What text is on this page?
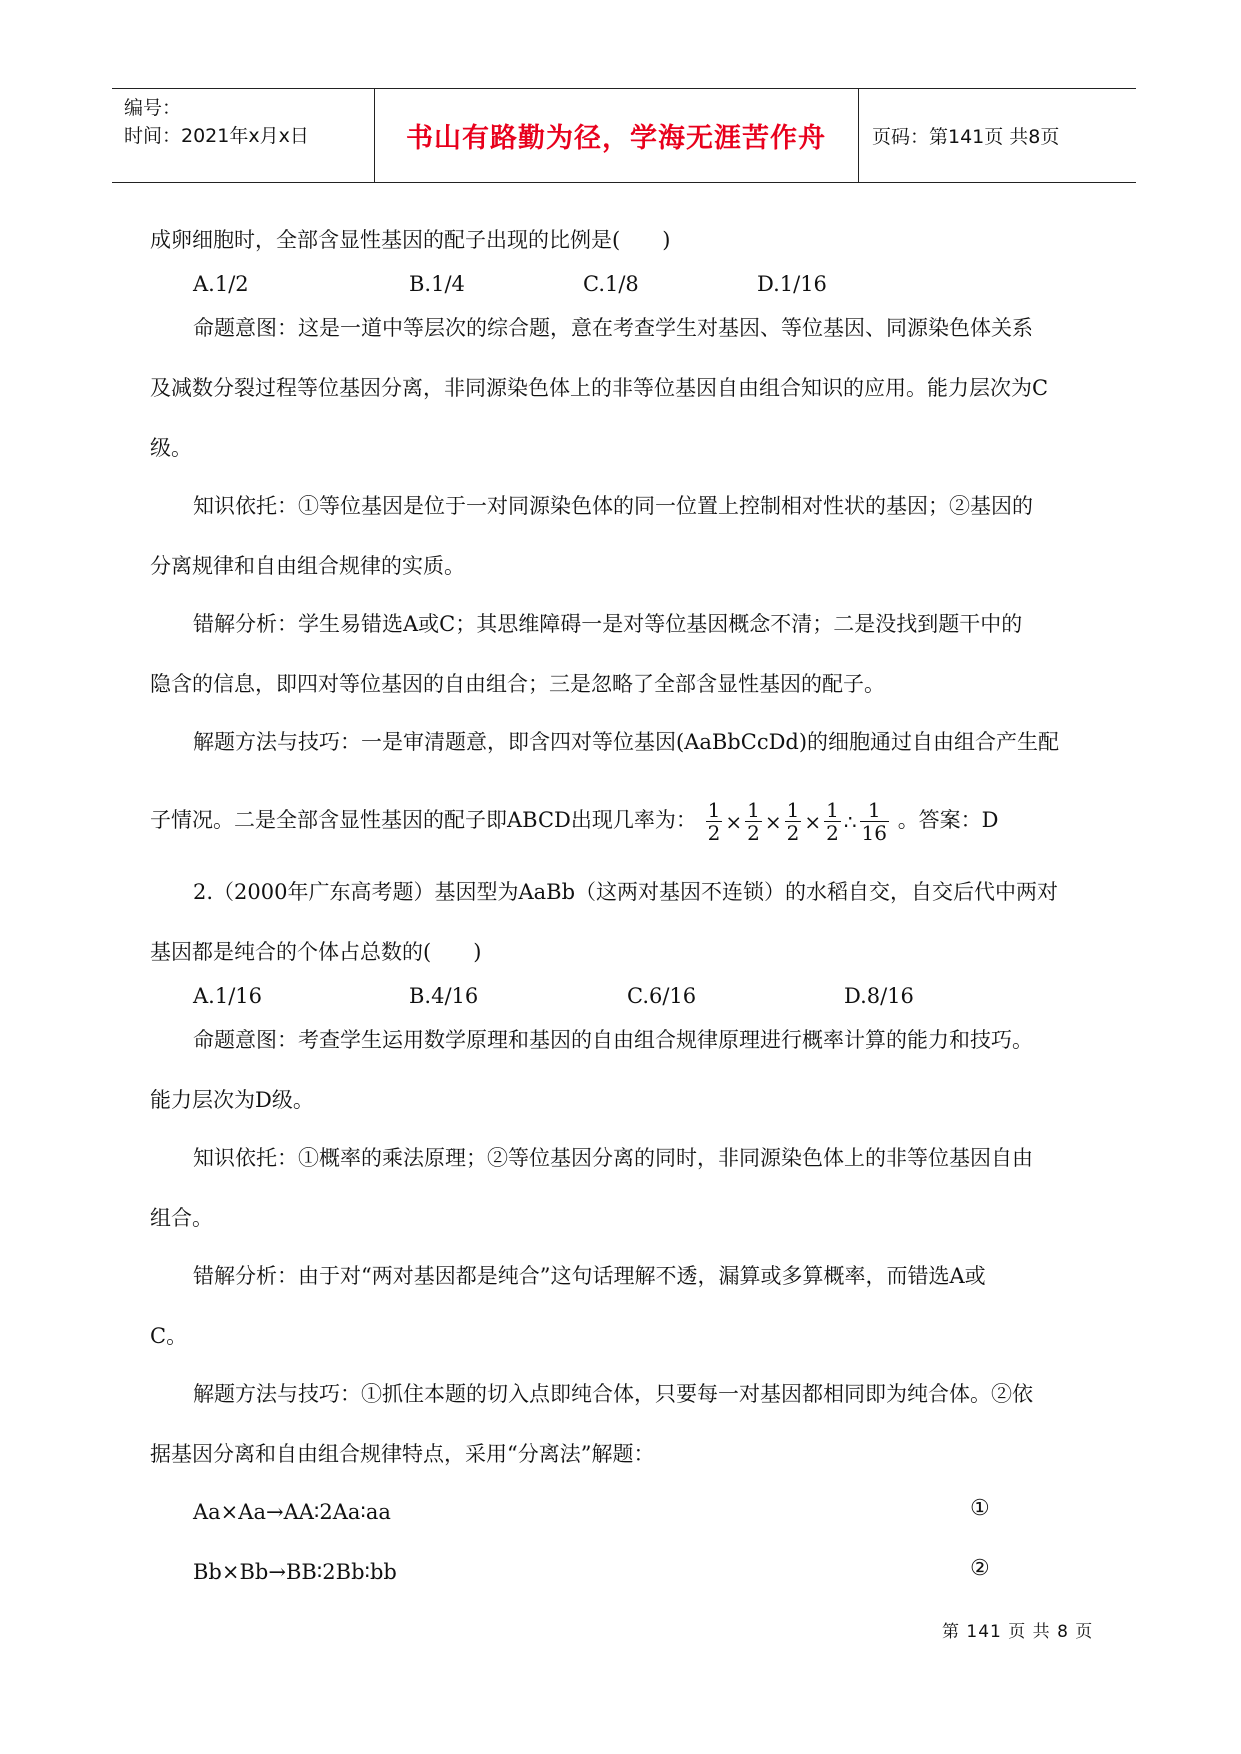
编号：
时间：2021年x月x日	书山有路勤为径，学海无涯苦作舟 页码：第141页 共8页
成卵细胞时，全部含显性基因的配子出现的比例是(　　)
A.1/2	B.1/4	C.1/8	D.1/16
命题意图：这是一道中等层次的综合题，意在考查学生对基因、等位基因、同源染色体关系
及减数分裂过程等位基因分离，非同源染色体上的非等位基因自由组合知识的应用。能力层次为C
级。
知识依托：①等位基因是位于一对同源染色体的同一位置上控制相对性状的基因；②基因的
分离规律和自由组合规律的实质。
错解分析：学生易错选A或C；其思维障碍一是对等位基因概念不清；二是没找到题干中的
隐含的信息，即四对等位基因的自由组合；三是忽略了全部含显性基因的配子。
解题方法与技巧：一是审清题意，即含四对等位基因(AaBbCcDd)的细胞通过自由组合产生配
子情况。二是全部含显性基因的配子即ABCD出现几率为： $\frac{1}{2} \times \frac{1}{2} \times \frac{1}{2} \times \frac{1}{2}$ ∴ $\frac{1}{16}$ 。答案：D
2.（2000年广东高考题）基因型为AaBb（这两对基因不连锁）的水稻自交，自交后代中两对
基因都是纯合的个体占总数的(　　)
A.1/16	B.4/16	C.6/16	D.8/16
命题意图：考查学生运用数学原理和基因的自由组合规律原理进行概率计算的能力和技巧。
能力层次为D级。
知识依托：①概率的乘法原理；②等位基因分离的同时，非同源染色体上的非等位基因自由
组合。
错解分析：由于对“两对基因都是纯合”这句话理解不透，漏算或多算概率，而错选A或
C。
解题方法与技巧：①抓住本题的切入点即纯合体，只要每一对基因都相同即为纯合体。②依
据基因分离和自由组合规律特点，采用“分离法”解题：
Aa×Aa→AA∶2Aa∶aa	①
Bb×Bb→BB∶2Bb∶bb	②
第 141 页 共 8 页
